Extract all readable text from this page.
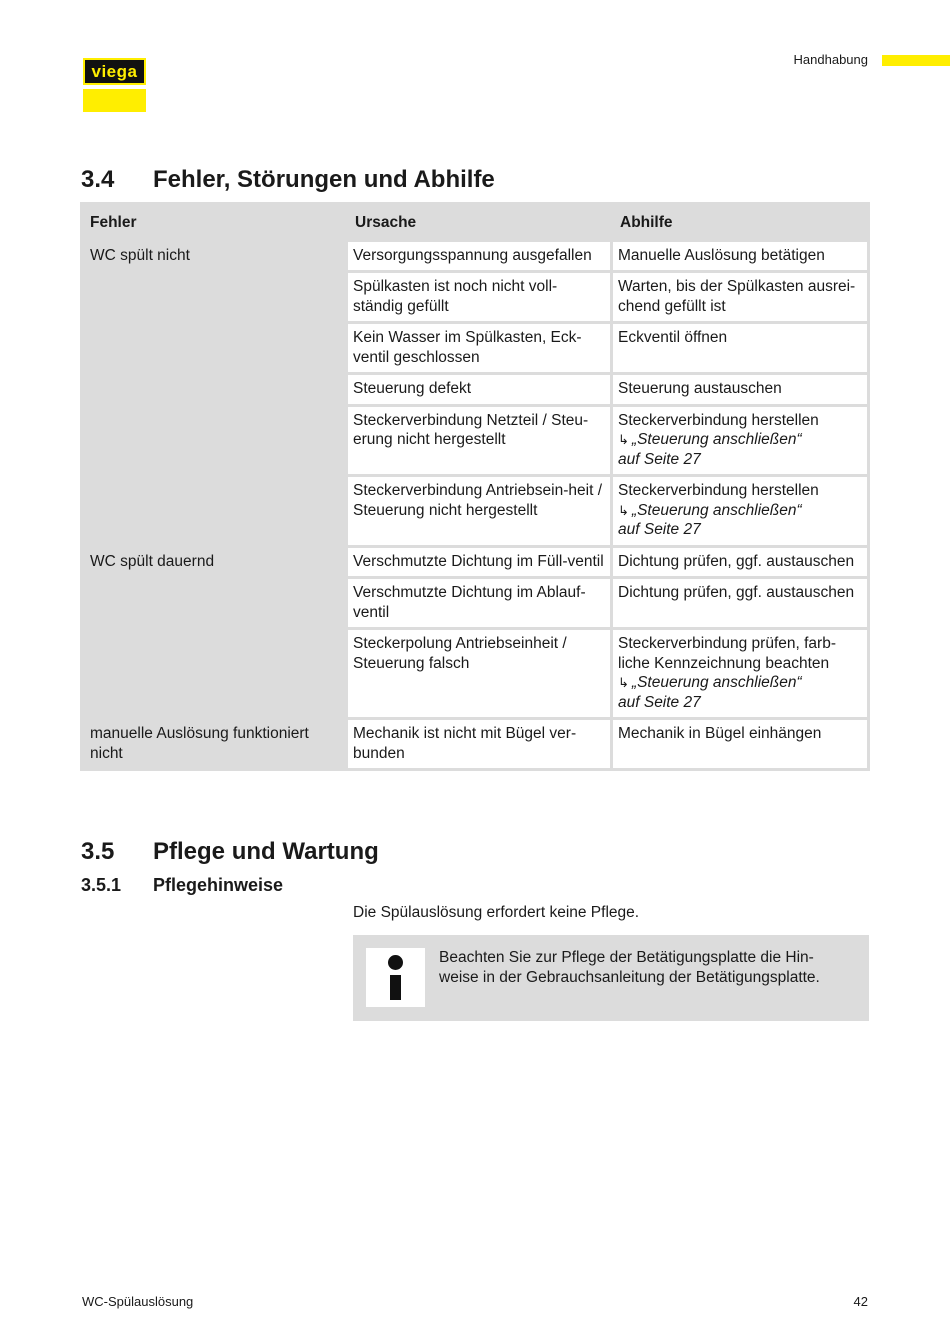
viega
Handhabung
3.4	Fehler, Störungen und Abhilfe
Fehler	Ursache	Abhilfe
WC spült nicht	Versorgungsspannung ausgefallen	Manuelle Auslösung betätigen
	Spülkasten ist noch nicht voll-ständig gefüllt	Warten, bis der Spülkasten ausrei-chend gefüllt ist
	Kein Wasser im Spülkasten, Eck-ventil geschlossen	Eckventil öffnen
	Steuerung defekt	Steuerung austauschen
	Steckerverbindung Netzteil / Steu-erung nicht hergestellt	Steckerverbindung herstellen
↳ „Steuerung anschließen“
auf Seite 27

	Steckerverbindung Antriebsein-heit / Steuerung nicht hergestellt	Steckerverbindung herstellen
↳ „Steuerung anschließen“
auf Seite 27

WC spült dauernd	Verschmutzte Dichtung im Füll-ventil	Dichtung prüfen, ggf. austauschen
	Verschmutzte Dichtung im Ablauf-ventil	Dichtung prüfen, ggf. austauschen
	Steckerpolung Antriebseinheit / Steuerung falsch	Steckerverbindung prüfen, farb-liche Kennzeichnung beachten
↳ „Steuerung anschließen“
auf Seite 27

manuelle Auslösung funktioniert nicht	Mechanik ist nicht mit Bügel ver-bunden	Mechanik in Bügel einhängen
3.5	Pflege und Wartung
3.5.1	Pflegehinweise
Die Spülauslösung erfordert keine Pflege.
Beachten Sie zur Pflege der Betätigungsplatte die Hin-weise in der Gebrauchsanleitung der Betätigungsplatte.
WC-Spülauslösung	42
